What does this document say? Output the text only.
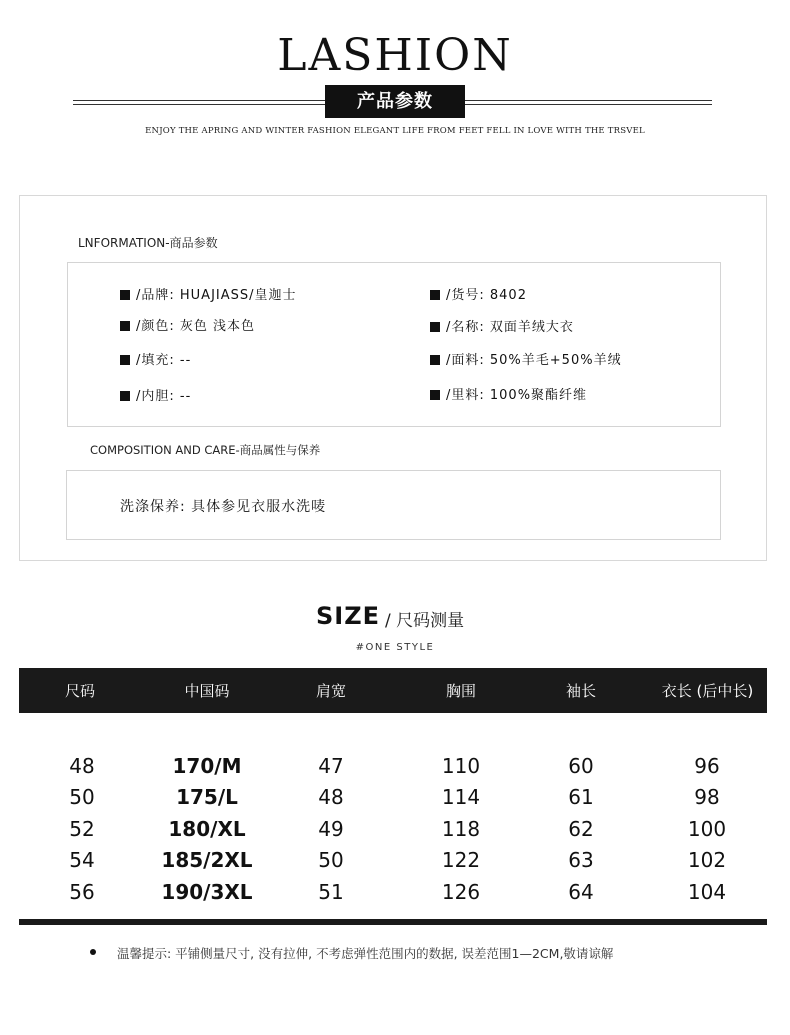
LASHION
产品参数
ENJOY THE APRING AND WINTER FASHION ELEGANT LIFE FROM FEET FELL IN LOVE WITH THE TRSVEL
LNFORMATION-商品参数
/品牌: HUAJIASS/皇迦士	/货号: 8402
/颜色: 灰色 浅本色	/名称: 双面羊绒大衣
/填充: --	/面料: 50%羊毛+50%羊绒
/内胆: --	/里料: 100%聚酯纤维
COMPOSITION AND CARE-商品属性与保养
洗涤保养: 具体参见衣服水洗唛
SIZE / 尺码测量
#ONE STYLE
尺码	中国码	肩宽	胸围	袖长	衣长 (后中长)
48	170/M	47	110	60	96
50	175/L	48	114	61	98
52	180/XL	49	118	62	100
54	185/2XL	50	122	63	102
56	190/3XL	51	126	64	104
温馨提示: 平铺侧量尺寸, 没有拉伸, 不考虑弹性范围内的数据, 误差范围1—2CM,敬请谅解
